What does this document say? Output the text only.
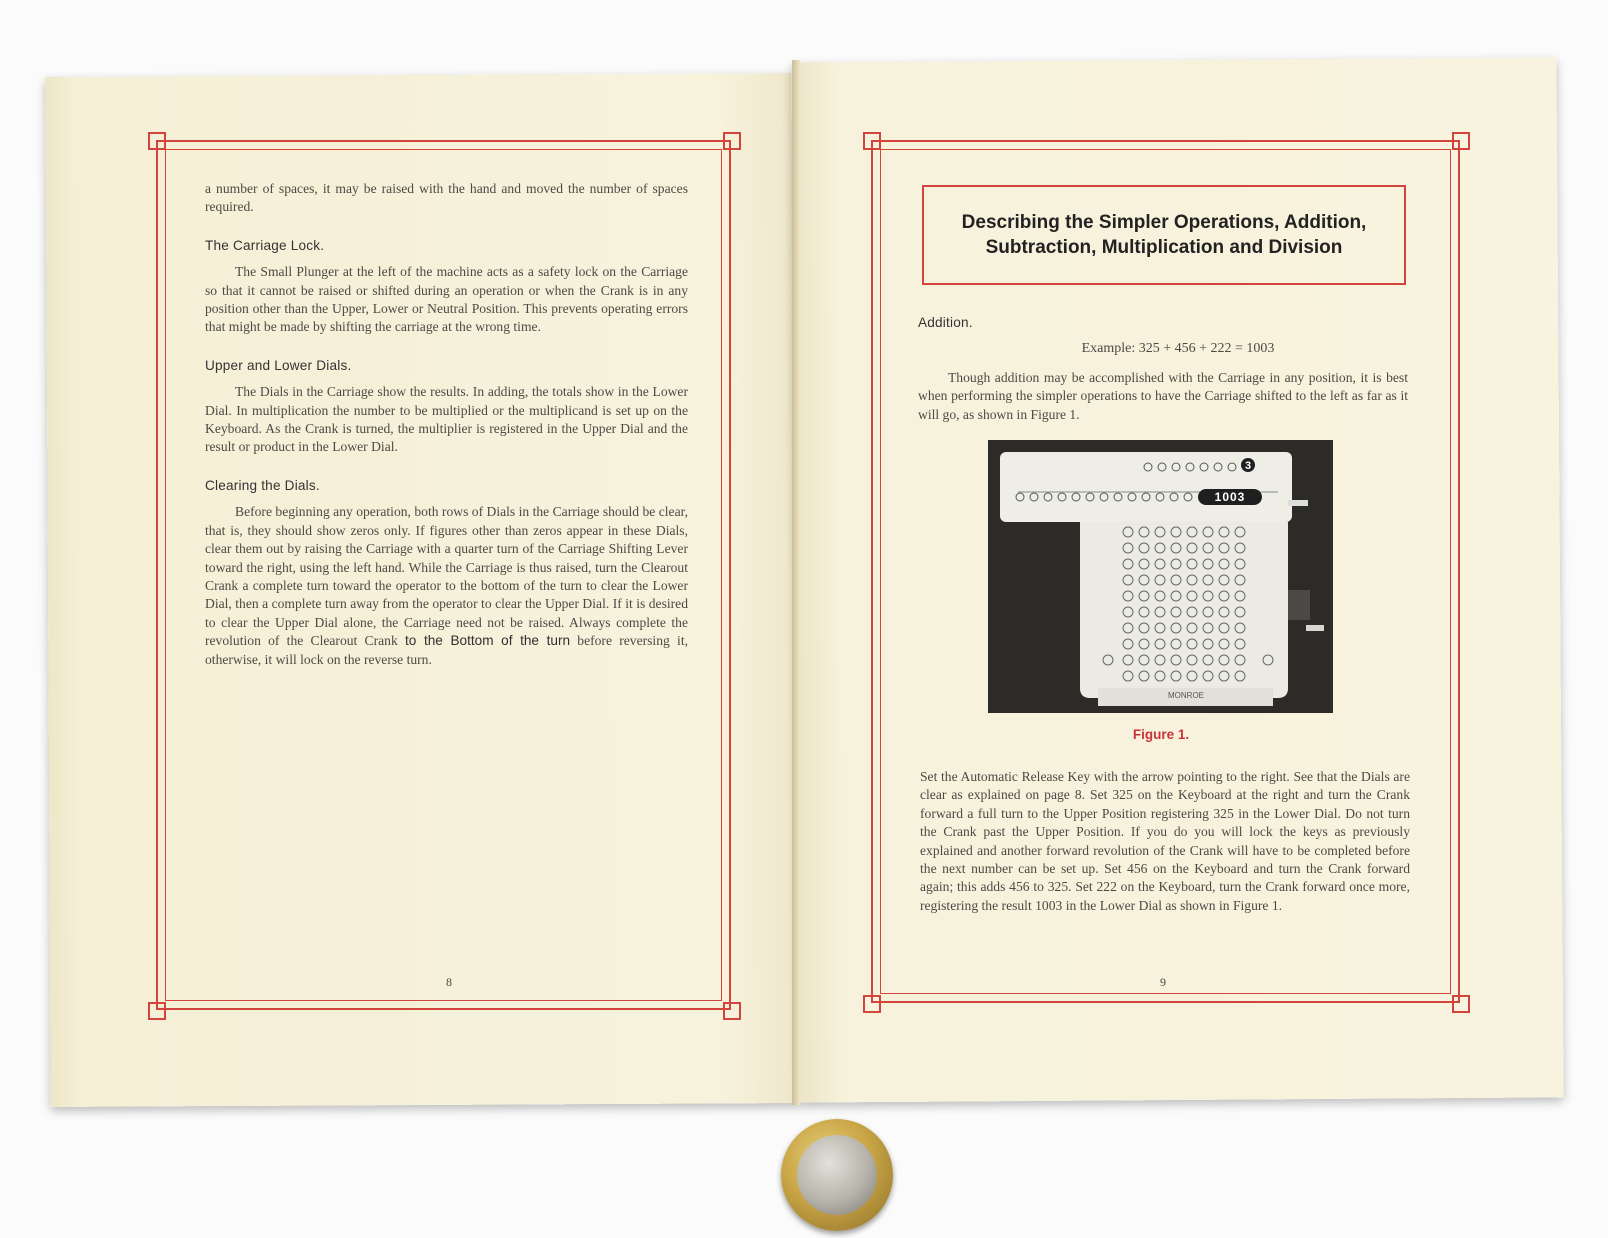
a number of spaces, it may be raised with the hand and moved the number of spaces required.

The Carriage Lock.

The Small Plunger at the left of the machine acts as a safety lock on the Carriage so that it cannot be raised or shifted during an operation or when the Crank is in any position other than the Upper, Lower or Neutral Position. This prevents operating errors that might be made by shifting the carriage at the wrong time.

Upper and Lower Dials.

The Dials in the Carriage show the results. In adding, the totals show in the Lower Dial. In multiplication the number to be multiplied or the multiplicand is set up on the Keyboard. As the Crank is turned, the multiplier is registered in the Upper Dial and the result or product in the Lower Dial.

Clearing the Dials.

Before beginning any operation, both rows of Dials in the Carriage should be clear, that is, they should show zeros only. If figures other than zeros appear in these Dials, clear them out by raising the Carriage with a quarter turn of the Carriage Shifting Lever toward the right, using the left hand. While the Carriage is thus raised, turn the Clearout Crank a complete turn toward the operator to the bottom of the turn to clear the Lower Dial, then a complete turn away from the operator to clear the Upper Dial. If it is desired to clear the Upper Dial alone, the Carriage need not be raised. Always complete the revolution of the Clearout Crank to the Bottom of the turn before reversing it, otherwise, it will lock on the reverse turn.

8
Describing the Simpler Operations, Addition, Subtraction, Multiplication and Division
Addition.

Example: 325 + 456 + 222 = 1003

Though addition may be accomplished with the Carriage in any position, it is best when performing the simpler operations to have the Carriage shifted to the left as far as it will go, as shown in Figure 1.

3
1003
MONROE
Figure 1.

Set the Automatic Release Key with the arrow pointing to the right. See that the Dials are clear as explained on page 8. Set 325 on the Keyboard at the right and turn the Crank forward a full turn to the Upper Position registering 325 in the Lower Dial. Do not turn the Crank past the Upper Position. If you do you will lock the keys as previously explained and another forward revolution of the Crank will have to be completed before the next number can be set up. Set 456 on the Keyboard and turn the Crank forward again; this adds 456 to 325. Set 222 on the Keyboard, turn the Crank forward once more, registering the result 1003 in the Lower Dial as shown in Figure 1.

9
